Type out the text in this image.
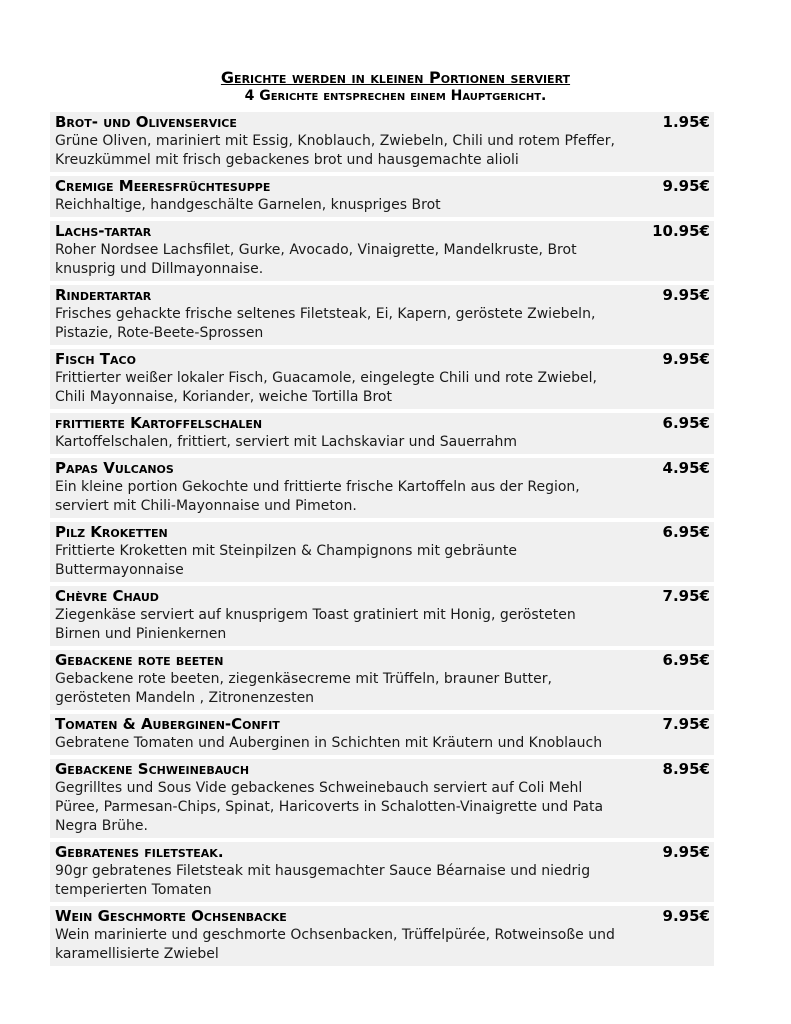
Gerichte werden in kleinen Portionen serviert
4 Gerichte entsprechen einem Hauptgericht.
Brot- und Olivenservice	1.95€
Grüne Oliven, mariniert mit Essig, Knoblauch, Zwiebeln, Chili und rotem Pfeffer, Kreuzkümmel mit frisch gebackenes brot und hausgemachte alioli
Cremige Meeresfrüchtesuppe	9.95€
Reichhaltige, handgeschälte Garnelen, knuspriges Brot
Lachs-tartar	10.95€
Roher Nordsee Lachsfilet, Gurke, Avocado, Vinaigrette, Mandelkruste, Brot knusprig und Dillmayonnaise.
Rindertartar	9.95€
Frisches gehackte frische seltenes Filetsteak, Ei, Kapern, geröstete Zwiebeln, Pistazie, Rote-Beete-Sprossen
Fisch Taco	9.95€
Frittierter weißer lokaler Fisch, Guacamole, eingelegte Chili und rote Zwiebel, Chili Mayonnaise, Koriander, weiche Tortilla Brot
frittierte Kartoffelschalen	6.95€
Kartoffelschalen, frittiert, serviert mit Lachskaviar und Sauerrahm
Papas Vulcanos	4.95€
Ein kleine portion Gekochte und frittierte frische Kartoffeln aus der Region, serviert mit Chili-Mayonnaise und Pimeton.
Pilz Kroketten	6.95€
Frittierte Kroketten mit Steinpilzen & Champignons mit gebräunte Buttermayonnaise
Chèvre Chaud	7.95€
Ziegenkäse serviert auf knusprigem Toast gratiniert mit Honig, gerösteten Birnen und Pinienkernen
Gebackene rote beeten	6.95€
Gebackene rote beeten, ziegenkäsecreme mit Trüffeln, brauner Butter, gerösteten Mandeln , Zitronenzesten
Tomaten & Auberginen-Confit	7.95€
Gebratene Tomaten und Auberginen in Schichten mit Kräutern und Knoblauch
Gebackene Schweinebauch	8.95€
Gegrilltes und Sous Vide gebackenes Schweinebauch serviert auf Coli Mehl Püree, Parmesan-Chips, Spinat, Haricoverts in Schalotten-Vinaigrette und Pata Negra Brühe.
Gebratenes filetsteak.	9.95€
90gr gebratenes Filetsteak mit hausgemachter Sauce Béarnaise und niedrig temperierten Tomaten
Wein Geschmorte Ochsenbacke	9.95€
Wein marinierte und geschmorte Ochsenbacken, Trüffelpürée, Rotweinsoße und karamellisierte Zwiebel
